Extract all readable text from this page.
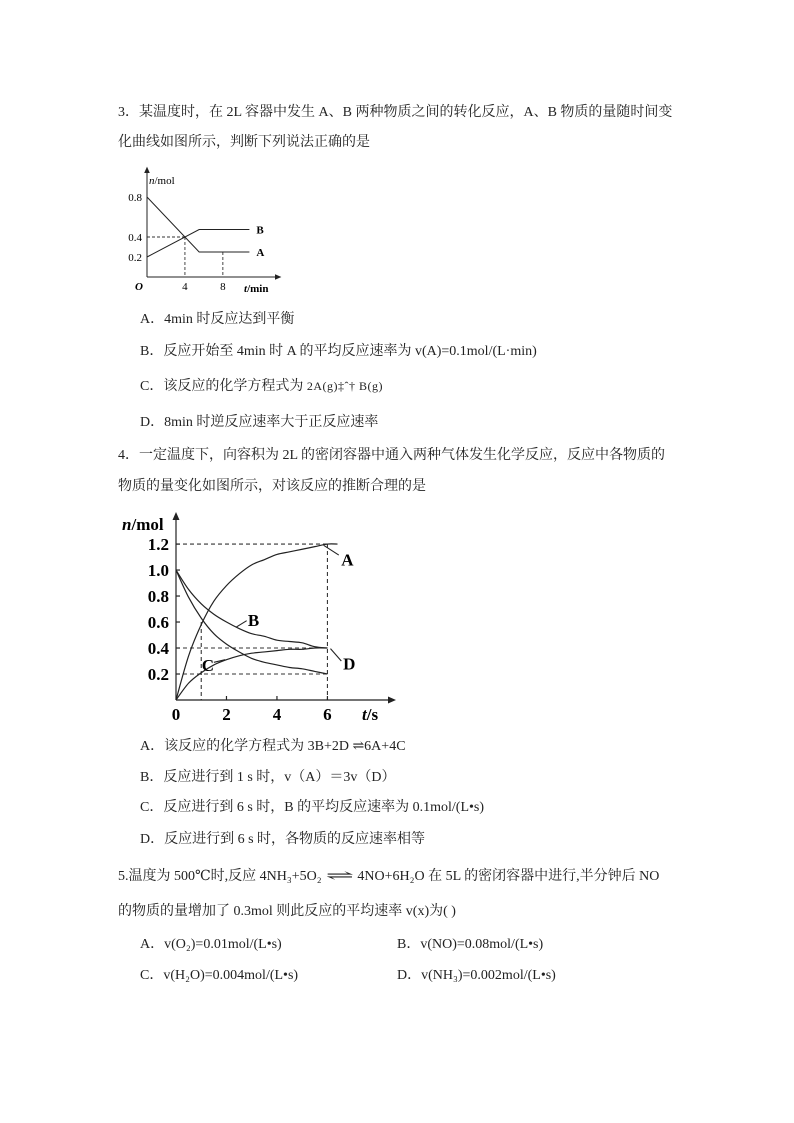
3．某温度时，在 2L 容器中发生 A、B 两种物质之间的转化反应，A、B 物质的量随时间变
化曲线如图所示，判断下列说法正确的是
0.8
0.4
0.2
4	8
n/mol
t/min
O
A
B
A．4min 时反应达到平衡
B．反应开始至 4min 时 A 的平均反应速率为 v(A)=0.1mol/(L·min)
C．该反应的化学方程式为 2A(g)‡ˆ† B(g)
D．8min 时逆反应速率大于正反应速率
4．一定温度下，向容积为 2L 的密闭容器中通入两种气体发生化学反应，反应中各物质的
物质的量变化如图所示，对该反应的推断合理的是
1.2
1.0
0.8
0.6
0.4
0.2
0 2 4 6
n/mol
t/s
A
B
C	D
A．该反应的化学方程式为 3B+2D ⇌6A+4C
B．反应进行到 1 s 时，v（A）＝3v（D）
C．反应进行到 6 s 时，B 的平均反应速率为 0.1mol/(L•s)
D．反应进行到 6 s 时，各物质的反应速率相等
5.温度为 500℃时,反应 4NH₃+5O₂ ⇌ 4NO+6H₂O 在 5L 的密闭容器中进行,半分钟后 NO
的物质的量增加了 0.3mol 则此反应的平均速率 v(x)为( )
A．v(O₂)=0.01mol/(L•s)	B．v(NO)=0.08mol/(L•s)
C．v(H₂O)=0.004mol/(L•s)	D．v(NH₃)=0.002mol/(L•s)
